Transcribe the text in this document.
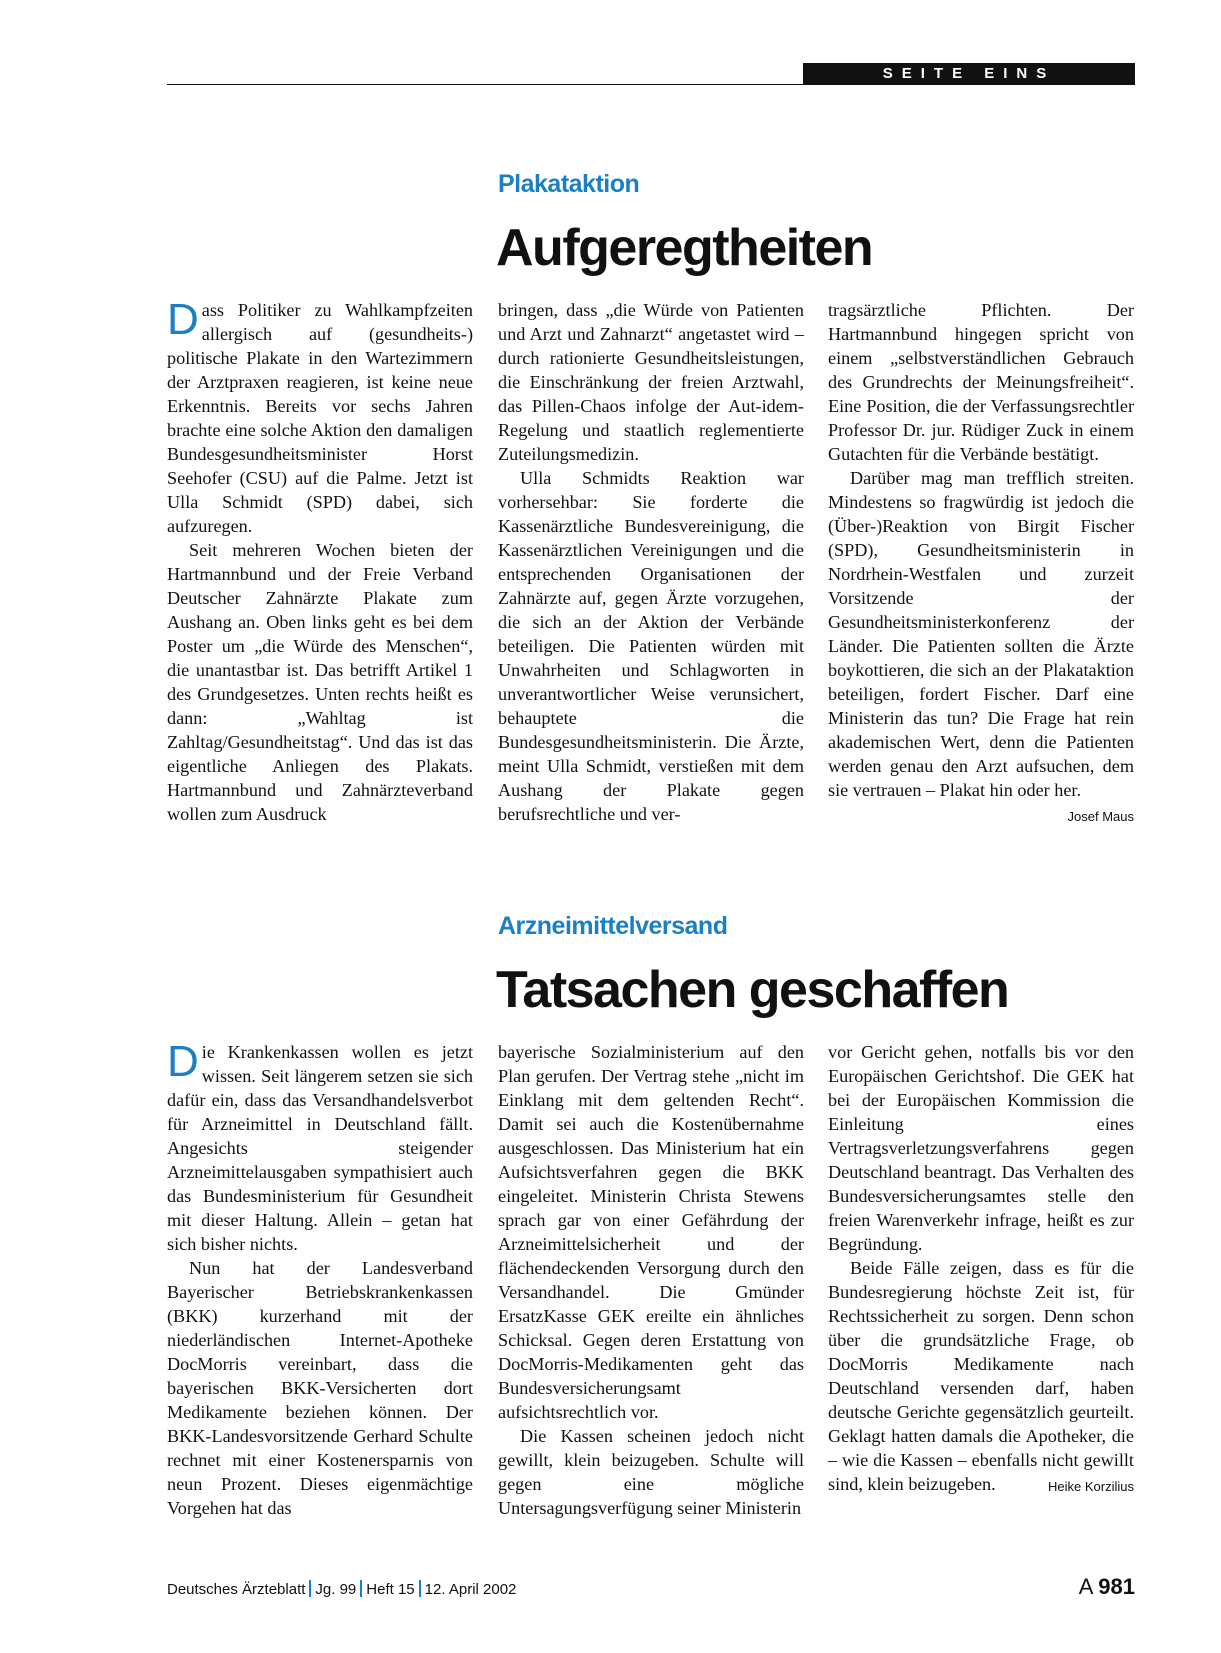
SEITE EINS
Plakataktion
Aufgeregtheiten

Dass Politiker zu Wahlkampfzeiten allergisch auf (gesundheits-) politische Plakate in den Wartezimmern der Arztpraxen reagieren, ist keine neue Erkenntnis. Bereits vor sechs Jahren brachte eine solche Aktion den damaligen Bundesgesundheitsminister Horst Seehofer (CSU) auf die Palme. Jetzt ist Ulla Schmidt (SPD) dabei, sich aufzuregen.

Seit mehreren Wochen bieten der Hartmannbund und der Freie Verband Deutscher Zahnärzte Plakate zum Aushang an. Oben links geht es bei dem Poster um „die Würde des Menschen“, die unantastbar ist. Das betrifft Artikel 1 des Grundgesetzes. Unten rechts heißt es dann: „Wahltag ist Zahltag/Gesundheitstag“. Und das ist das eigentliche Anliegen des Plakats. Hartmannbund und Zahnärzteverband wollen zum Ausdruck

bringen, dass „die Würde von Patienten und Arzt und Zahnarzt“ angetastet wird – durch rationierte Gesundheitsleistungen, die Einschränkung der freien Arztwahl, das Pillen-Chaos infolge der Aut-idem-Regelung und staatlich reglementierte Zuteilungsmedizin.

Ulla Schmidts Reaktion war vorhersehbar: Sie forderte die Kassenärztliche Bundesvereinigung, die Kassenärztlichen Vereinigungen und die entsprechenden Organisationen der Zahnärzte auf, gegen Ärzte vorzugehen, die sich an der Aktion der Verbände beteiligen. Die Patienten würden mit Unwahrheiten und Schlagworten in unverantwortlicher Weise verunsichert, behauptete die Bundesgesundheitsministerin. Die Ärzte, meint Ulla Schmidt, verstießen mit dem Aushang der Plakate gegen berufsrechtliche und ver-

tragsärztliche Pflichten. Der Hartmannbund hingegen spricht von einem „selbstverständlichen Gebrauch des Grundrechts der Meinungsfreiheit“. Eine Position, die der Verfassungsrechtler Professor Dr. jur. Rüdiger Zuck in einem Gutachten für die Verbände bestätigt.

Darüber mag man trefflich streiten. Mindestens so fragwürdig ist jedoch die (Über-)Reaktion von Birgit Fischer (SPD), Gesundheitsministerin in Nordrhein-Westfalen und zurzeit Vorsitzende der Gesundheitsministerkonferenz der Länder. Die Patienten sollten die Ärzte boykottieren, die sich an der Plakataktion beteiligen, fordert Fischer. Darf eine Ministerin das tun? Die Frage hat rein akademischen Wert, denn die Patienten werden genau den Arzt aufsuchen, dem sie vertrauen – Plakat hin oder her.
Josef Maus

Arzneimittelversand
Tatsachen geschaffen

Die Krankenkassen wollen es jetzt wissen. Seit längerem setzen sie sich dafür ein, dass das Versandhandelsverbot für Arzneimittel in Deutschland fällt. Angesichts steigender Arzneimittelausgaben sympathisiert auch das Bundesministerium für Gesundheit mit dieser Haltung. Allein – getan hat sich bisher nichts.

Nun hat der Landesverband Bayerischer Betriebskrankenkassen (BKK) kurzerhand mit der niederländischen Internet-Apotheke DocMorris vereinbart, dass die bayerischen BKK-Versicherten dort Medikamente beziehen können. Der BKK-Landesvorsitzende Gerhard Schulte rechnet mit einer Kostenersparnis von neun Prozent. Dieses eigenmächtige Vorgehen hat das

bayerische Sozialministerium auf den Plan gerufen. Der Vertrag stehe „nicht im Einklang mit dem geltenden Recht“. Damit sei auch die Kostenübernahme ausgeschlossen. Das Ministerium hat ein Aufsichtsverfahren gegen die BKK eingeleitet. Ministerin Christa Stewens sprach gar von einer Gefährdung der Arzneimittelsicherheit und der flächendeckenden Versorgung durch den Versandhandel. Die Gmünder ErsatzKasse GEK ereilte ein ähnliches Schicksal. Gegen deren Erstattung von DocMorris-Medikamenten geht das Bundesversicherungsamt aufsichtsrechtlich vor.

Die Kassen scheinen jedoch nicht gewillt, klein beizugeben. Schulte will gegen eine mögliche Untersagungsverfügung seiner Ministerin

vor Gericht gehen, notfalls bis vor den Europäischen Gerichtshof. Die GEK hat bei der Europäischen Kommission die Einleitung eines Vertragsverletzungsverfahrens gegen Deutschland beantragt. Das Verhalten des Bundesversicherungsamtes stelle den freien Warenverkehr infrage, heißt es zur Begründung.

Beide Fälle zeigen, dass es für die Bundesregierung höchste Zeit ist, für Rechtssicherheit zu sorgen. Denn schon über die grundsätzliche Frage, ob DocMorris Medikamente nach Deutschland versenden darf, haben deutsche Gerichte gegensätzlich geurteilt. Geklagt hatten damals die Apotheker, die – wie die Kassen – ebenfalls nicht gewillt sind, klein beizugeben.	Heike Korzilius

Deutsches Ärzteblatt Jg. 99 Heft 15 12. April 2002	A 981
